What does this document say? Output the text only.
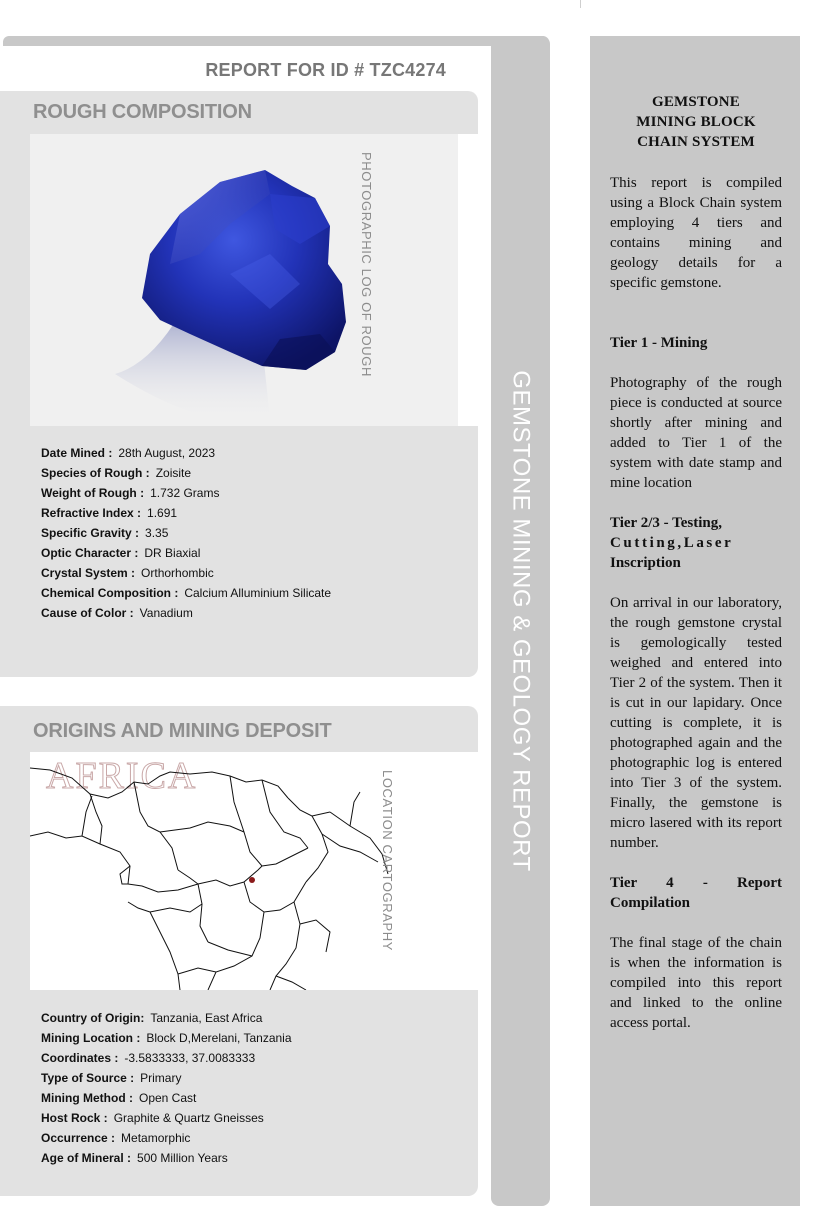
GEMSTONE MINING & GEOLOGY REPORT
REPORT FOR ID # TZC4274
ROUGH COMPOSITION
PHOTOGRAPHIC LOG OF ROUGH
Date Mined : 28th August, 2023
Species of Rough : Zoisite
Weight of Rough : 1.732 Grams
Refractive Index : 1.691
Specific Gravity : 3.35
Optic Character : DR Biaxial
Crystal System : Orthorhombic
Chemical Composition : Calcium Alluminium Silicate
Cause of Color : Vanadium
ORIGINS AND MINING DEPOSIT
AFRICA	LOCATION CARTOGRAPHY
Country of Origin: Tanzania, East Africa
Mining Location : Block D,Merelani, Tanzania
Coordinates : -3.5833333, 37.0083333
Type of Source : Primary
Mining Method : Open Cast
Host Rock : Graphite & Quartz Gneisses
Occurrence : Metamorphic
Age of Mineral : 500 Million Years
GEMSTONE
MINING BLOCK
CHAIN SYSTEM

This report is compiled using a Block Chain system employing 4 tiers and contains mining and geology details for a specific gemstone.

Tier 1 - Mining

Photography of the rough piece is conducted at source shortly after mining and added to Tier 1 of the system with date stamp and mine location

Tier 2/3 - Testing,
Cutting,Laser
Inscription

On arrival in our laboratory, the rough gemstone crystal is gemologically tested weighed and entered into Tier 2 of the system. Then it is cut in our lapidary. Once cutting is complete, it is photographed again and the photographic log is entered into Tier 3 of the system. Finally, the gemstone is micro lasered with its report number.

Tier 4 - Report Compilation

The final stage of the chain is when the information is compiled into this report and linked to the online access portal.
